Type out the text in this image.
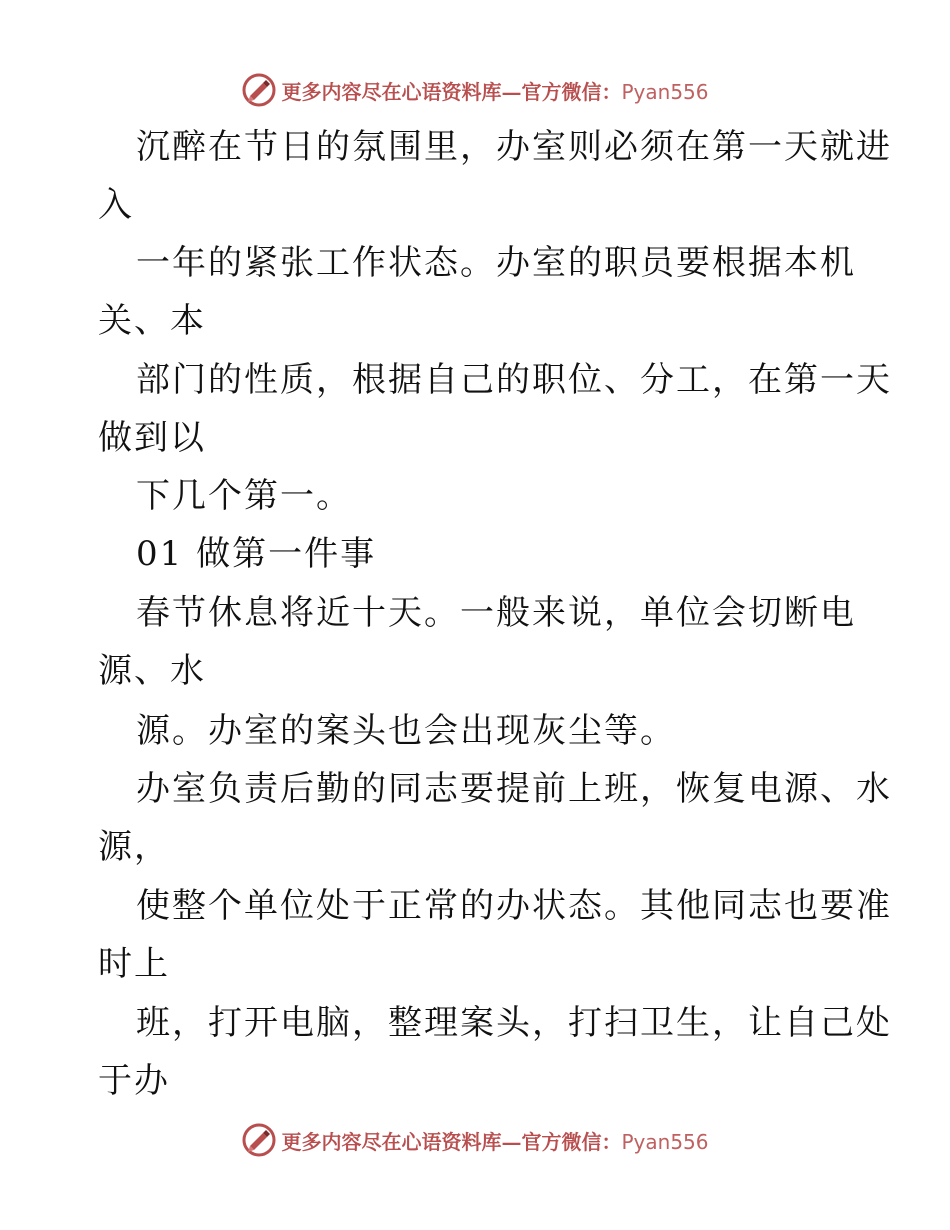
更多内容尽在心语资料库—官方微信：Pyan556
沉醉在节日的氛围里，办室则必须在第一天就进
入
一年的紧张工作状态。办室的职员要根据本机
关、本
部门的性质，根据自己的职位、分工，在第一天
做到以
下几个第一。
01 做第一件事
春节休息将近十天。一般来说，单位会切断电
源、水
源。办室的案头也会出现灰尘等。
办室负责后勤的同志要提前上班，恢复电源、水
源，
使整个单位处于正常的办状态。其他同志也要准
时上
班，打开电脑，整理案头，打扫卫生，让自己处
于办
更多内容尽在心语资料库—官方微信：Pyan556
